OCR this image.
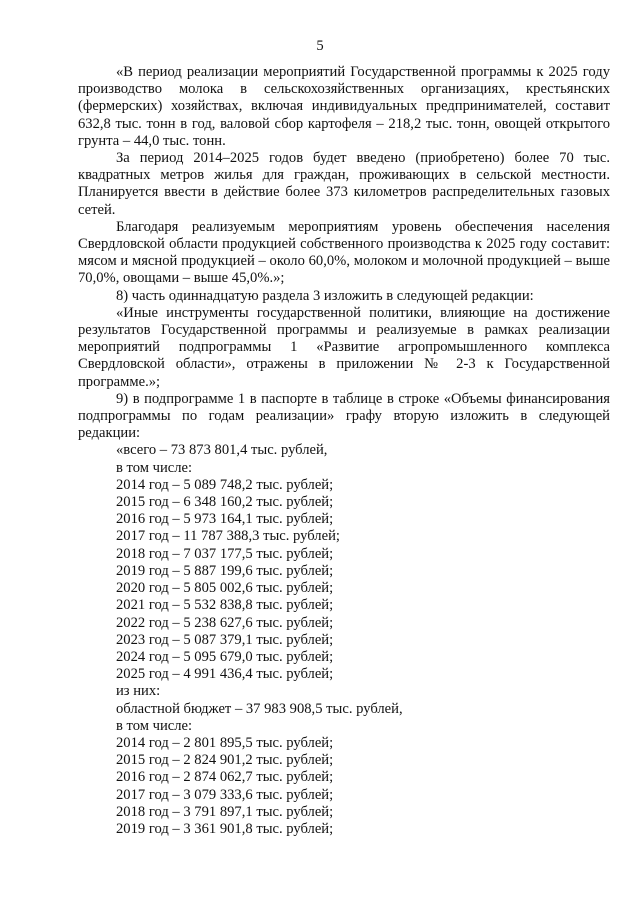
5

«В период реализации мероприятий Государственной программы к 2025 году производство молока в сельскохозяйственных организациях, крестьянских (фермерских) хозяйствах, включая индивидуальных предпринимателей, составит 632,8 тыс. тонн в год, валовой сбор картофеля – 218,2 тыс. тонн, овощей открытого грунта – 44,0 тыс. тонн.

За период 2014–2025 годов будет введено (приобретено) более 70 тыс. квадратных метров жилья для граждан, проживающих в сельской местности. Планируется ввести в действие более 373 километров распределительных газовых сетей.

Благодаря реализуемым мероприятиям уровень обеспечения населения Свердловской области продукцией собственного производства к 2025 году составит: мясом и мясной продукцией – около 60,0%, молоком и молочной продукцией – выше 70,0%, овощами – выше 45,0%.»;

8) часть одиннадцатую раздела 3 изложить в следующей редакции:

«Иные инструменты государственной политики, влияющие на достижение результатов Государственной программы и реализуемые в рамках реализации мероприятий подпрограммы 1 «Развитие агропромышленного комплекса Свердловской области», отражены в приложении № 2-3 к Государственной программе.»;

9) в подпрограмме 1 в паспорте в таблице в строке «Объемы финансирования подпрограммы по годам реализации» графу вторую изложить в следующей редакции:

«всего – 73 873 801,4 тыс. рублей,

в том числе:

2014 год – 5 089 748,2 тыс. рублей;

2015 год – 6 348 160,2 тыс. рублей;

2016 год – 5 973 164,1 тыс. рублей;

2017 год – 11 787 388,3 тыс. рублей;

2018 год – 7 037 177,5 тыс. рублей;

2019 год – 5 887 199,6 тыс. рублей;

2020 год – 5 805 002,6 тыс. рублей;

2021 год – 5 532 838,8 тыс. рублей;

2022 год – 5 238 627,6 тыс. рублей;

2023 год – 5 087 379,1 тыс. рублей;

2024 год – 5 095 679,0 тыс. рублей;

2025 год – 4 991 436,4 тыс. рублей;

из них:

областной бюджет – 37 983 908,5 тыс. рублей,

в том числе:

2014 год – 2 801 895,5 тыс. рублей;

2015 год – 2 824 901,2 тыс. рублей;

2016 год – 2 874 062,7 тыс. рублей;

2017 год – 3 079 333,6 тыс. рублей;

2018 год – 3 791 897,1 тыс. рублей;

2019 год – 3 361 901,8 тыс. рублей;
